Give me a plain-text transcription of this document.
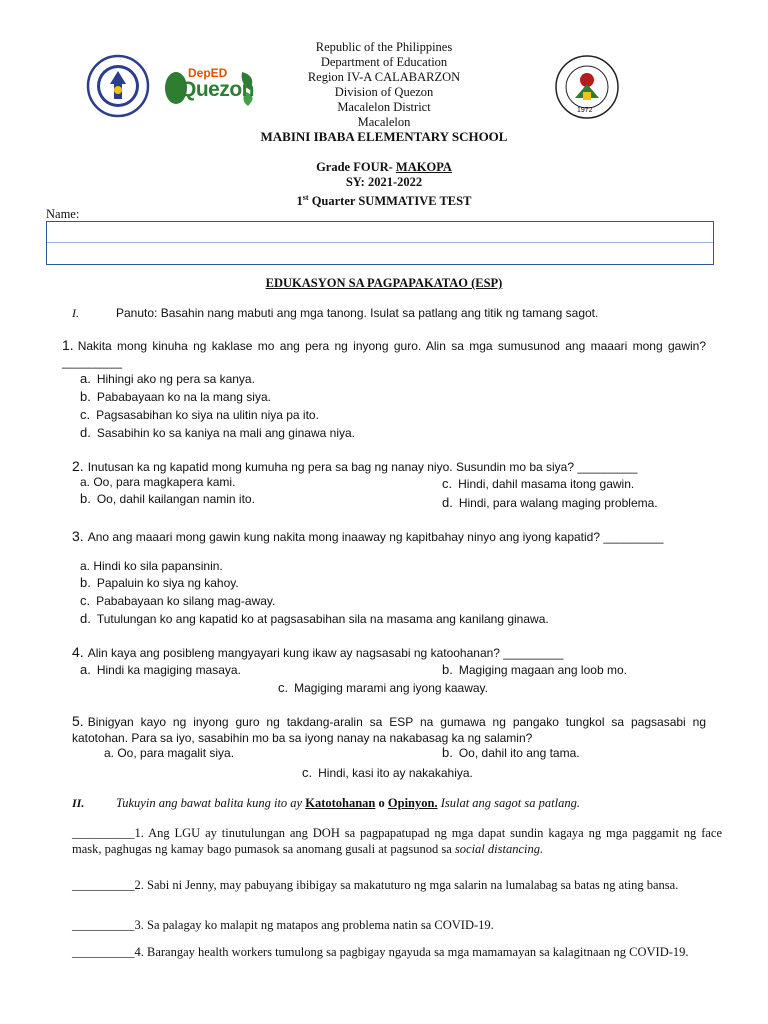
DepED
Quezon
1972
Republic of the Philippines
Department of Education
Region IV-A CALABARZON
Division of Quezon
Macalelon District
Macalelon
MABINI IBABA ELEMENTARY SCHOOL
Grade FOUR- MAKOPA
SY: 2021-2022
1st Quarter SUMMATIVE TEST
Name:
EDUKASYON SA PAGPAPAKATAO (ESP)
I.	Panuto: Basahin nang mabuti ang mga tanong. Isulat sa patlang ang titik ng tamang sagot.
1. Nakita mong kinuha ng kaklase mo ang pera ng inyong guro. Alin sa mga sumusunod ang maaari mong gawin? _________
a. Hihingi ako ng pera sa kanya.
b. Pababayaan ko na la mang siya.
c. Pagsasabihan ko siya na ulitin niya pa ito.
d. Sasabihin ko sa kaniya na mali ang ginawa niya.
2. Inutusan ka ng kapatid mong kumuha ng pera sa bag ng nanay niyo. Susundin mo ba siya? _________
a. Oo, para magkapera kami.
b. Oo, dahil kailangan namin ito.
c. Hindi, dahil masama itong gawin.
d. Hindi, para walang maging problema.
3. Ano ang maaari mong gawin kung nakita mong inaaway ng kapitbahay ninyo ang iyong kapatid? _________
a. Hindi ko sila papansinin.
b. Papaluin ko siya ng kahoy.
c. Pababayaan ko silang mag-away.
d. Tutulungan ko ang kapatid ko at pagsasabihan sila na masama ang kanilang ginawa.
4. Alin kaya ang posibleng mangyayari kung ikaw ay nagsasabi ng katoohanan? _________
a. Hindi ka magiging masaya.	b. Magiging magaan ang loob mo.
c. Magiging marami ang iyong kaaway.
5. Binigyan kayo ng inyong guro ng takdang-aralin sa ESP na gumawa ng pangako tungkol sa pagsasabi ng katotohan. Para sa iyo, sasabihin mo ba sa iyong nanay na nakabasag ka ng salamin?
a. Oo, para magalit siya.	b. Oo, dahil ito ang tama.
c. Hindi, kasi ito ay nakakahiya.
II.	Tukuyin ang bawat balita kung ito ay Katotohanan o Opinyon. Isulat ang sagot sa patlang.
__________1. Ang LGU ay tinutulungan ang DOH sa pagpapatupad ng mga dapat sundin kagaya ng mga paggamit ng face mask, paghugas ng kamay bago pumasok sa anomang gusali at pagsunod sa social distancing.
__________2. Sabi ni Jenny, may pabuyang ibibigay sa makatuturo ng mga salarin na lumalabag sa batas ng ating bansa.
__________3. Sa palagay ko malapit ng matapos ang problema natin sa COVID-19.
__________4. Barangay health workers tumulong sa pagbigay ngayuda sa mga mamamayan sa kalagitnaan ng COVID-19.
